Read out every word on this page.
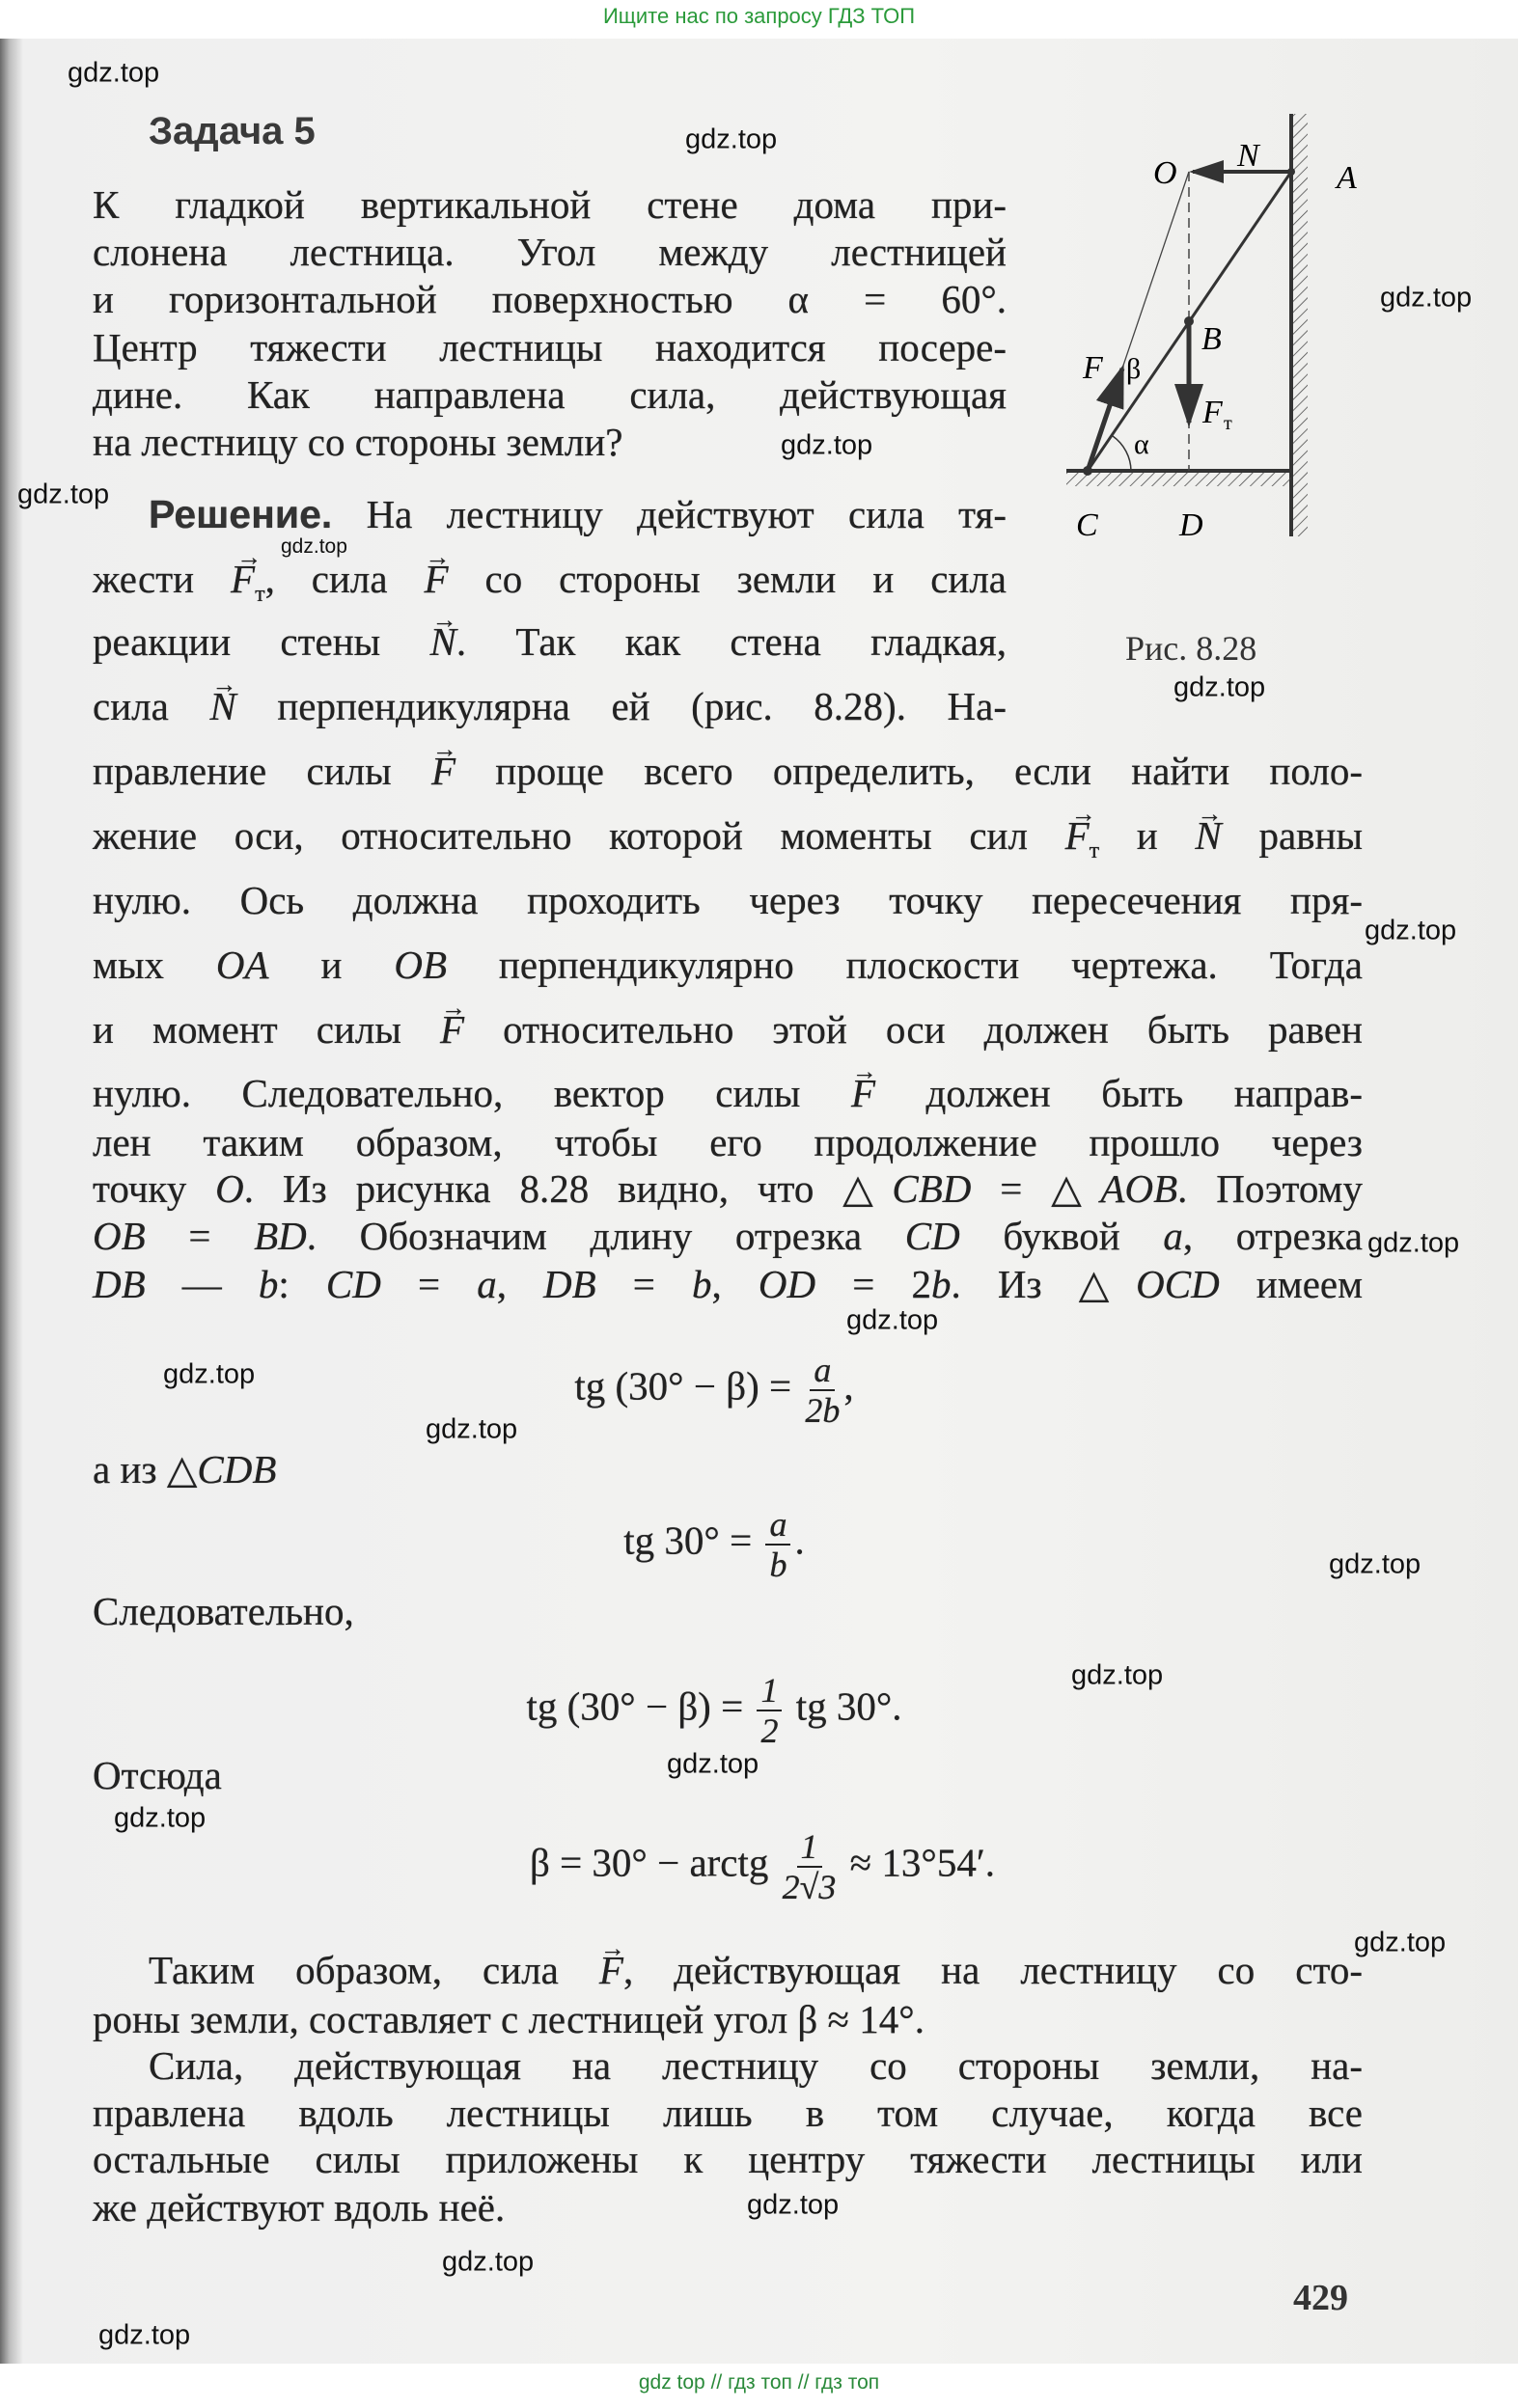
Ищите нас по запросу ГДЗ ТОП
Задача 5
К гладкой вертикальной стене дома при-
слонена лестница. Угол между лестницей
и горизонтальной поверхностью α = 60°.
Центр тяжести лестницы находится посере-
дине. Как направлена сила, действующая
на лестницу со стороны земли?
Решение. На лестницу действуют сила тя-
жести → $F_т$, сила → F со стороны земли и сила
реакции стены → N. Так как стена гладкая,
сила → N перпендикулярна ей (рис. 8.28). На-
правление силы → F проще всего определить, если найти поло-
жение оси, относительно которой моменты сил → $F_т$ и → N равны
нулю. Ось должна проходить через точку пересечения пря-
мых OA и OB перпендикулярно плоскости чертежа. Тогда
и момент силы → F относительно этой оси должен быть равен
нулю. Следовательно, вектор силы → F должен быть направ-
лен таким образом, чтобы его продолжение прошло через
точку O. Из рисунка 8.28 видно, что △CBD = △AOB. Поэтому
OB = BD. Обозначим длину отрезка CD буквой a, отрезка
DB — b: CD = a, DB = b, OD = 2b. Из △OCD имеем
tg $(30^\circ - \beta) = \frac{a}{2b}$ ,
а из △CDB
tg $30^\circ = \frac{a}{b}$ .
Следовательно,
tg $(30^\circ - \beta) = \frac{1}{2}$ tg 30°.
Отсюда
β = 30° − arctg $\frac{1}{2√3} \approx 13^\circ 54'$.
Таким образом, сила → F, действующая на лестницу со сто-
роны земли, составляет с лестницей угол β ≈ 14°.
Сила, действующая на лестницу со стороны земли, на-
правлена вдоль лестницы лишь в том случае, когда все
остальные силы приложены к центру тяжести лестницы или
же действуют вдоль неё.
O	A
B
C D
N
F
F т
α
β
Рис. 8.28
429
gdz top // гдз топ // гдз топ
gdz.top
gdz.top
gdz.top
gdz.top
gdz.top
gdz.top
gdz.top
gdz.top
gdz.top
gdz.top
gdz.top
gdz.top
gdz.top
gdz.top
gdz.top
gdz.top
gdz.top
gdz.top
gdz.top
gdz.top
